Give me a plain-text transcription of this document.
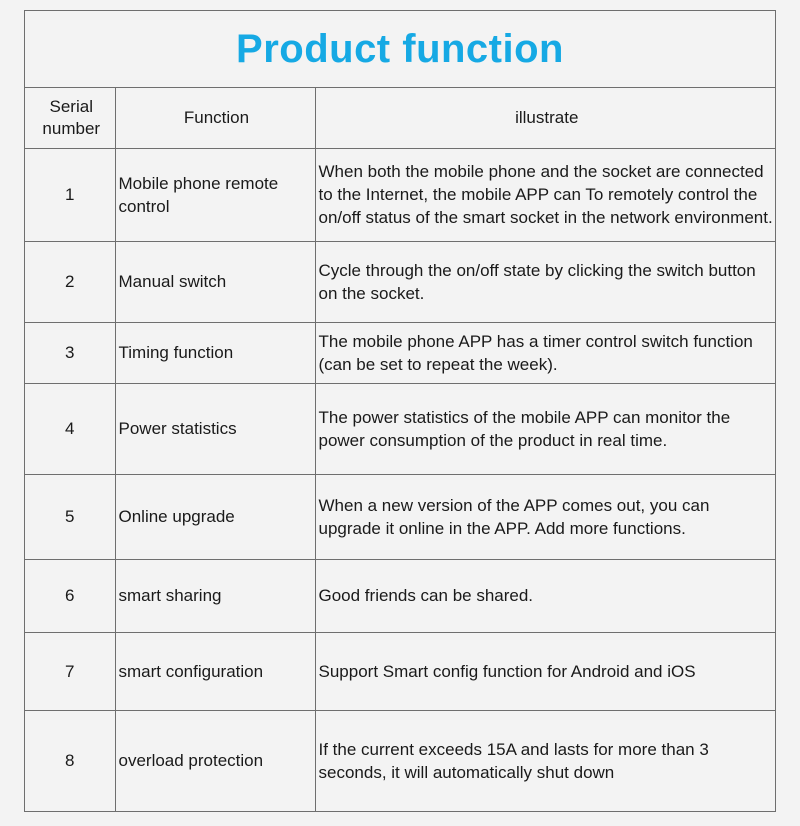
Product function
Serial number	Function	illustrate
1	Mobile phone remote control	When both the mobile phone and the socket are connected to the Internet, the mobile APP can To remotely control the on/off status of the smart socket in the network environment.
2	Manual switch	Cycle through the on/off state by clicking the switch button on the socket.
3	Timing function	The mobile phone APP has a timer control switch function (can be set to repeat the week).
4	Power statistics	The power statistics of the mobile APP can monitor the power consumption of the product in real time.
5	Online upgrade	When a new version of the APP comes out, you can upgrade it online in the APP. Add more functions.
6	smart sharing	Good friends can be shared.
7	smart configuration	Support Smart config function for Android and iOS
8	overload protection	If the current exceeds 15A and lasts for more than 3 seconds, it will automatically shut down
